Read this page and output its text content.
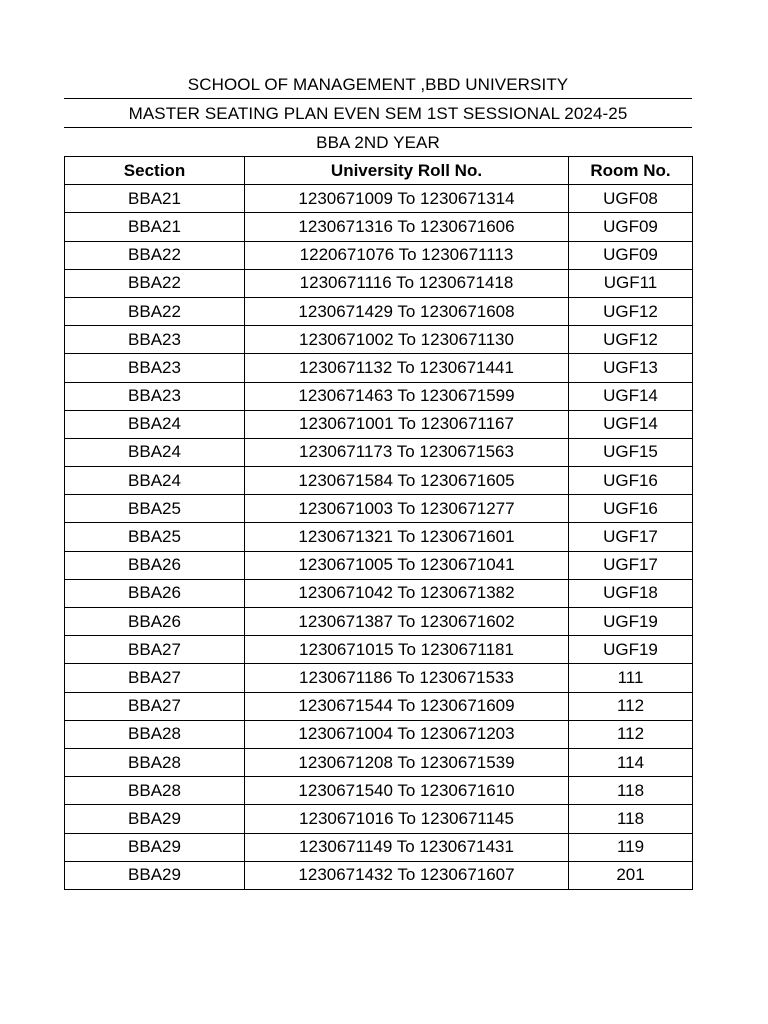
SCHOOL OF MANAGEMENT ,BBD UNIVERSITY
MASTER SEATING PLAN EVEN SEM 1ST SESSIONAL 2024-25
BBA 2ND YEAR
Section	University Roll No.	Room No.
BBA21	1230671009 To 1230671314	UGF08
BBA21	1230671316 To 1230671606	UGF09
BBA22	1220671076 To 1230671113	UGF09
BBA22	1230671116 To 1230671418	UGF11
BBA22	1230671429 To 1230671608	UGF12
BBA23	1230671002 To 1230671130	UGF12
BBA23	1230671132 To 1230671441	UGF13
BBA23	1230671463 To 1230671599	UGF14
BBA24	1230671001 To 1230671167	UGF14
BBA24	1230671173 To 1230671563	UGF15
BBA24	1230671584 To 1230671605	UGF16
BBA25	1230671003 To 1230671277	UGF16
BBA25	1230671321 To 1230671601	UGF17
BBA26	1230671005 To 1230671041	UGF17
BBA26	1230671042 To 1230671382	UGF18
BBA26	1230671387 To 1230671602	UGF19
BBA27	1230671015 To 1230671181	UGF19
BBA27	1230671186 To 1230671533	111
BBA27	1230671544 To 1230671609	112
BBA28	1230671004 To 1230671203	112
BBA28	1230671208 To 1230671539	114
BBA28	1230671540 To 1230671610	118
BBA29	1230671016 To 1230671145	118
BBA29	1230671149 To 1230671431	119
BBA29	1230671432 To 1230671607	201
